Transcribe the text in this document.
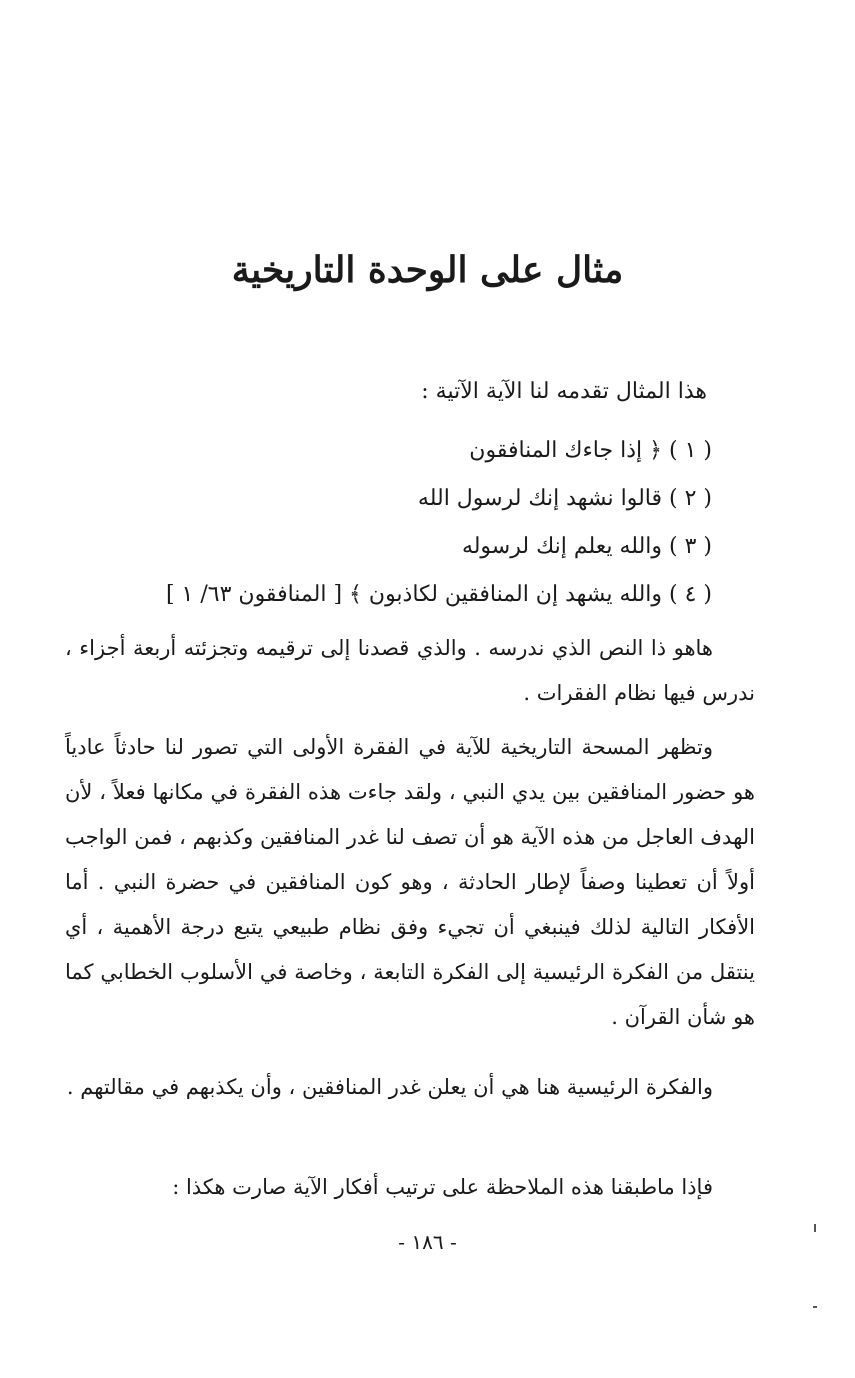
مثال على الوحدة التاريخية
هذا المثال تقدمه لنا الآية الآتية :
( ١ ) ﴿ إذا جاءك المنافقون
( ٢ ) قالوا نشهد إنك لرسول الله
( ٣ ) والله يعلم إنك لرسوله
( ٤ ) والله يشهد إن المنافقين لكاذبون ﴾ [ المنافقون ٦٣/ ١ ]

هاهو ذا النص الذي ندرسه . والذي قصدنا إلى ترقيمه وتجزئته أربعة أجزاء ، ندرس فيها نظام الفقرات .

وتظهر المسحة التاريخية للآية في الفقرة الأولى التي تصور لنا حادثاً عادياً هو حضور المنافقين بين يدي النبي ، ولقد جاءت هذه الفقرة في مكانها فعلاً ، لأن الهدف العاجل من هذه الآية هو أن تصف لنا غدر المنافقين وكذبهم ، فمن الواجب أولاً أن تعطينا وصفاً لإطار الحادثة ، وهو كون المنافقين في حضرة النبي . أما الأفكار التالية لذلك فينبغي أن تجيء وفق نظام طبيعي يتبع درجة الأهمية ، أي ينتقل من الفكرة الرئيسية إلى الفكرة التابعة ، وخاصة في الأسلوب الخطابي كما هو شأن القرآن .

والفكرة الرئيسية هنا هي أن يعلن غدر المنافقين ، وأن يكذبهم في مقالتهم .

فإذا ماطبقنا هذه الملاحظة على ترتيب أفكار الآية صارت هكذا :

- ١٨٦ -
